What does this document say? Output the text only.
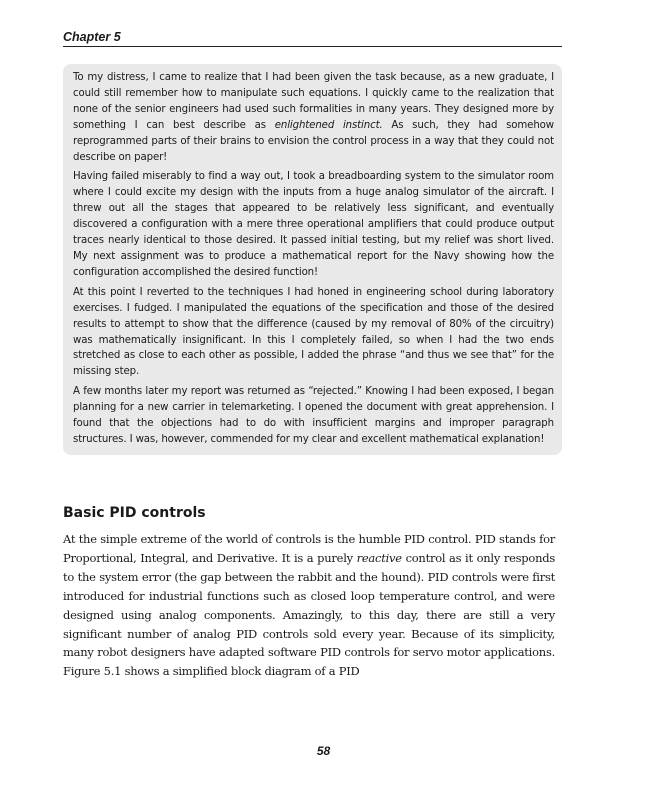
Chapter 5

To my distress, I came to realize that I had been given the task because, as a new graduate, I could still remember how to manipulate such equations. I quickly came to the realization that none of the senior engineers had used such formalities in many years. They designed more by something I can best describe as enlightened instinct. As such, they had somehow reprogrammed parts of their brains to envision the control process in a way that they could not describe on paper!

Having failed miserably to find a way out, I took a breadboarding system to the simulator room where I could excite my design with the inputs from a huge analog simulator of the aircraft. I threw out all the stages that appeared to be relatively less significant, and eventually discovered a configuration with a mere three operational amplifiers that could produce output traces nearly identical to those desired. It passed initial testing, but my relief was short lived. My next assignment was to produce a mathematical report for the Navy showing how the configuration accomplished the desired function!

At this point I reverted to the techniques I had honed in engineering school during laboratory exercises. I fudged. I manipulated the equations of the specification and those of the desired results to attempt to show that the difference (caused by my removal of 80% of the circuitry) was mathematically insignificant. In this I completely failed, so when I had the two ends stretched as close to each other as possible, I added the phrase “and thus we see that” for the missing step.

A few months later my report was returned as “rejected.” Knowing I had been exposed, I began planning for a new carrier in telemarketing. I opened the document with great apprehension. I found that the objections had to do with insufficient margins and improper paragraph structures. I was, however, commended for my clear and excellent mathematical explanation!

Basic PID controls

At the simple extreme of the world of controls is the humble PID control. PID stands for Proportional, Integral, and Derivative. It is a purely reactive control as it only responds to the system error (the gap between the rabbit and the hound). PID controls were first introduced for industrial functions such as closed loop temperature control, and were designed using analog components. Amazingly, to this day, there are still a very significant number of analog PID controls sold every year. Because of its simplicity, many robot designers have adapted software PID controls for servo motor applications. Figure 5.1 shows a simplified block diagram of a PID

58
